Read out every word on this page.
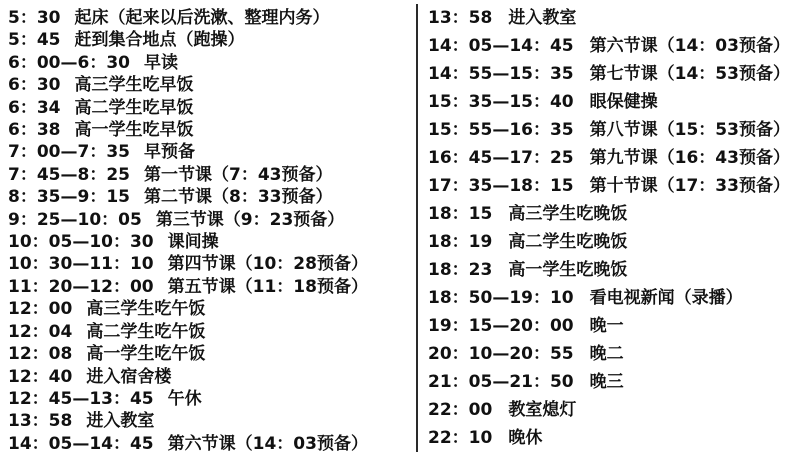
5：30 起床（起来以后洗漱、整理内务）
5：45 赶到集合地点（跑操）
6：00—6：30 早读
6：30 高三学生吃早饭
6：34 高二学生吃早饭
6：38 高一学生吃早饭
7：00—7：35 早预备
7：45—8：25 第一节课（7：43预备）
8：35—9：15 第二节课（8：33预备）
9：25—10：05 第三节课（9：23预备）
10：05—10：30 课间操
10：30—11：10 第四节课（10：28预备）
11：20—12：00 第五节课（11：18预备）
12：00 高三学生吃午饭
12：04 高二学生吃午饭
12：08 高一学生吃午饭
12：40 进入宿舍楼
12：45—13：45 午休
13：58 进入教室
14：05—14：45 第六节课（14：03预备）
13：58 进入教室
14：05—14：45 第六节课（14：03预备）
14：55—15：35 第七节课（14：53预备）
15：35—15：40 眼保健操
15：55—16：35 第八节课（15：53预备）
16：45—17：25 第九节课（16：43预备）
17：35—18：15 第十节课（17：33预备）
18：15 高三学生吃晚饭
18：19 高二学生吃晚饭
18：23 高一学生吃晚饭
18：50—19：10 看电视新闻（录播）
19：15—20：00 晚一
20：10—20：55 晚二
21：05—21：50 晚三
22：00 教室熄灯
22：10 晚休
